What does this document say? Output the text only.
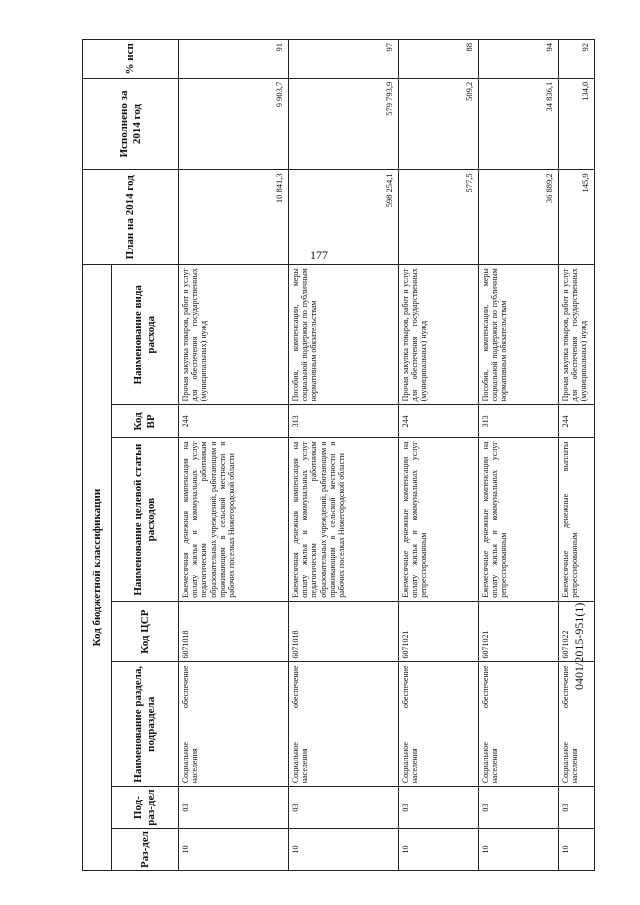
177
Код бюджетной классификации							План на 2014 год	Исполнено за 2014 год	% исп
Раз-дел	Под-раз-дел	Наименование раздела, подраздела	Код ЦСР	Наименование целевой статьи расходов	Код ВР	Наименование вида расхода			
10	03	Социальное обеспечение населения	6071018	Ежемесячная денежная компенсация на оплату жилья и коммунальных услуг педагогическим работникам образовательных учреждений, работающим и проживающим в сельской местности и рабочих поселках Нижегородской области	244	Прочая закупка товаров, работ и услуг для обеспечения государственных (муниципальных) нужд	10 841,3	9 903,7	91
10	03	Социальное обеспечение населения	6071018	Ежемесячная денежная компенсация на оплату жилья и коммунальных услуг педагогическим работникам образовательных учреждений, работающим и проживающим в сельской местности и рабочих поселках Нижегородской области	313	Пособия, компенсации, меры социальной поддержки по публичным нормативным обязательствам	598 254,1	579 793,9	97
10	03	Социальное обеспечение населения	6071021	Ежемесячные денежные компенсации на оплату жилья и коммунальных услуг репрессированным	244	Прочая закупка товаров, работ и услуг для обеспечения государственных (муниципальных) нужд	577,5	509,2	88
10	03	Социальное обеспечение населения	6071021	Ежемесячные денежные компенсации на оплату жилья и коммунальных услуг репрессированным	313	Пособия, компенсации, меры социальной поддержки по публичным нормативным обязательствам	36 889,2	34 836,1	94
10	03	Социальное обеспечение населения	6071022	Ежемесячные денежные выплаты репрессированным	244	Прочая закупка товаров, работ и услуг для обеспечения государственных (муниципальных) нужд	145,9	134,0	92
0401/2015-951(1)
